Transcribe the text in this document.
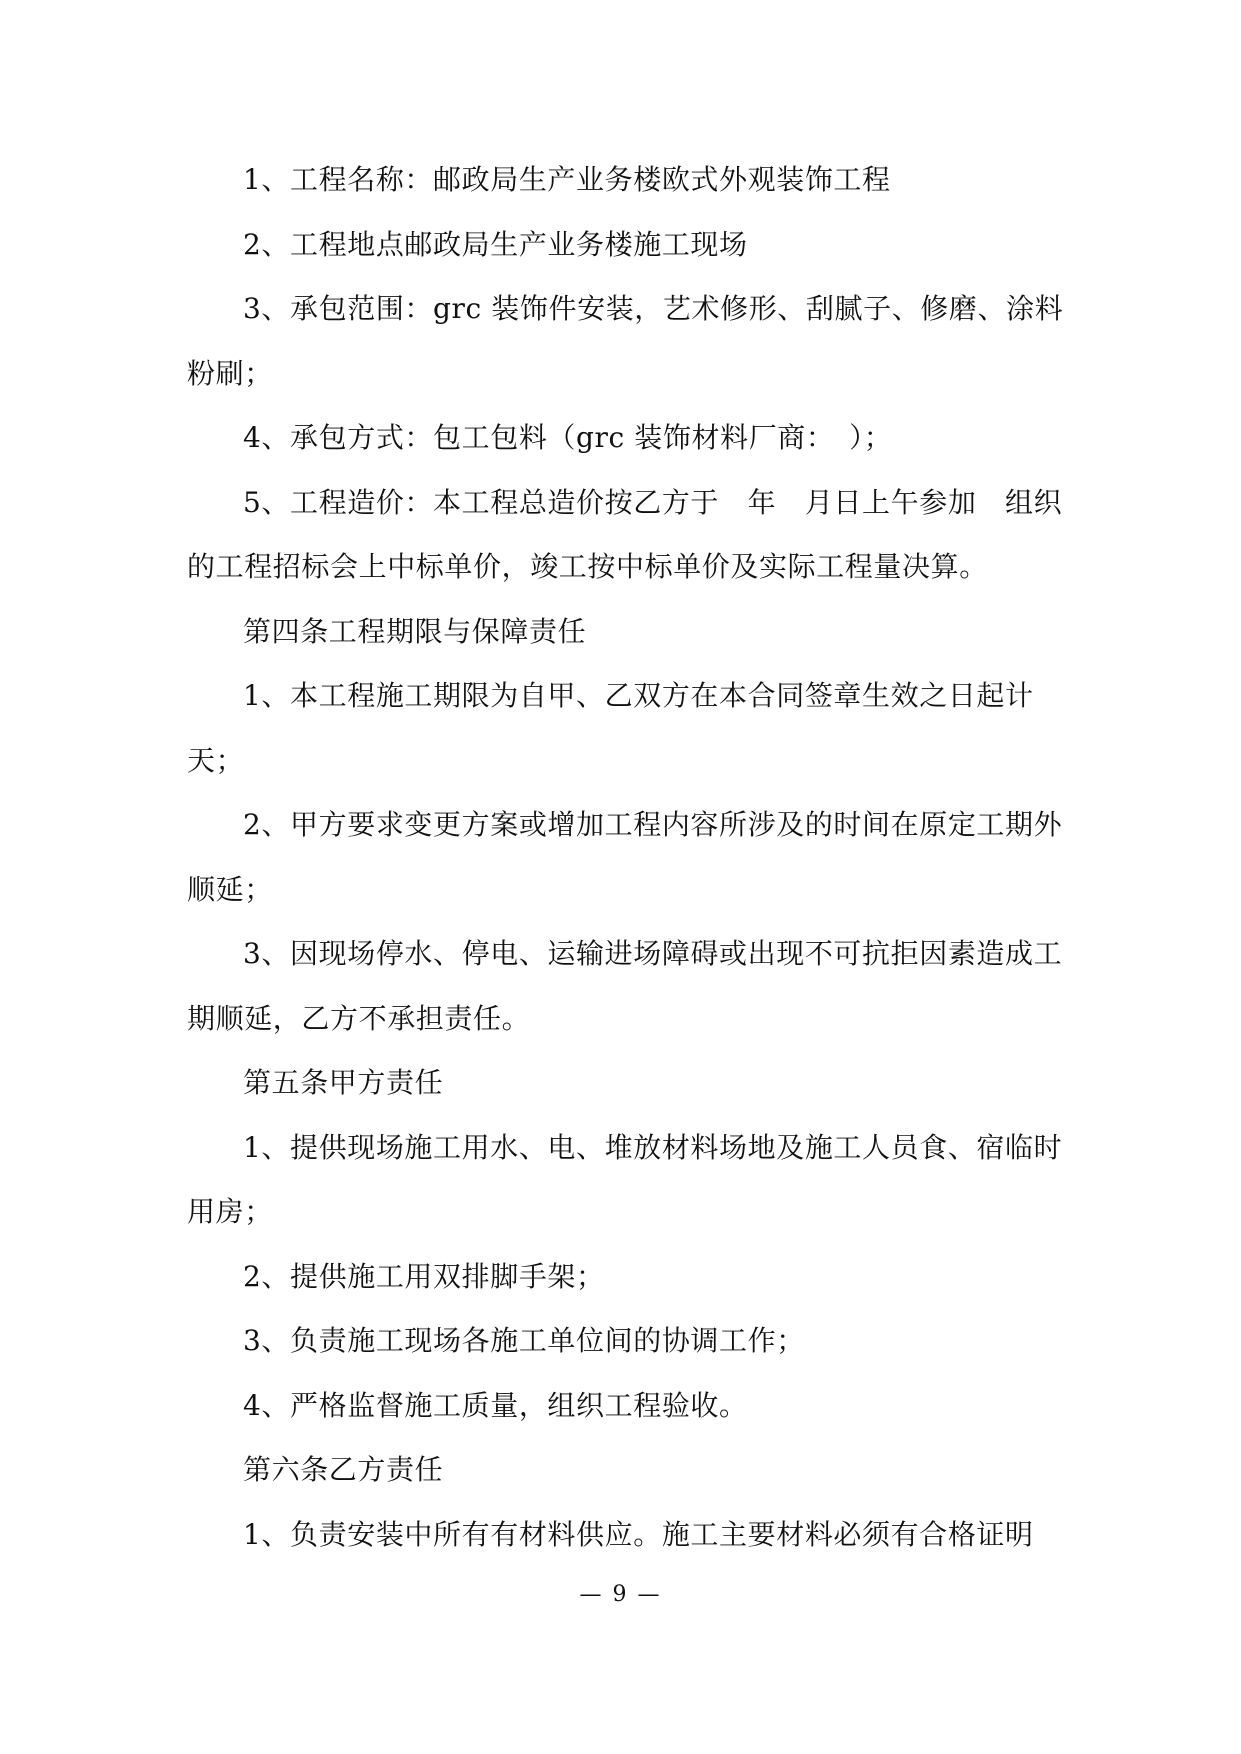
1、工程名称：邮政局生产业务楼欧式外观装饰工程

2、工程地点邮政局生产业务楼施工现场

3、承包范围：grc 装饰件安装，艺术修形、刮腻子、修磨、涂料粉刷；

4、承包方式：包工包料（grc 装饰材料厂商：　）；

5、工程造价：本工程总造价按乙方于　年　月日上午参加　组织的工程招标会上中标单价，竣工按中标单价及实际工程量决算。

第四条工程期限与保障责任

1、本工程施工期限为自甲、乙双方在本合同签章生效之日起计天；

2、甲方要求变更方案或增加工程内容所涉及的时间在原定工期外顺延；

3、因现场停水、停电、运输进场障碍或出现不可抗拒因素造成工期顺延，乙方不承担责任。

第五条甲方责任

1、提供现场施工用水、电、堆放材料场地及施工人员食、宿临时用房；

2、提供施工用双排脚手架；

3、负责施工现场各施工单位间的协调工作；

4、严格监督施工质量，组织工程验收。

第六条乙方责任

1、负责安装中所有有材料供应。施工主要材料必须有合格证明

— 9 —
